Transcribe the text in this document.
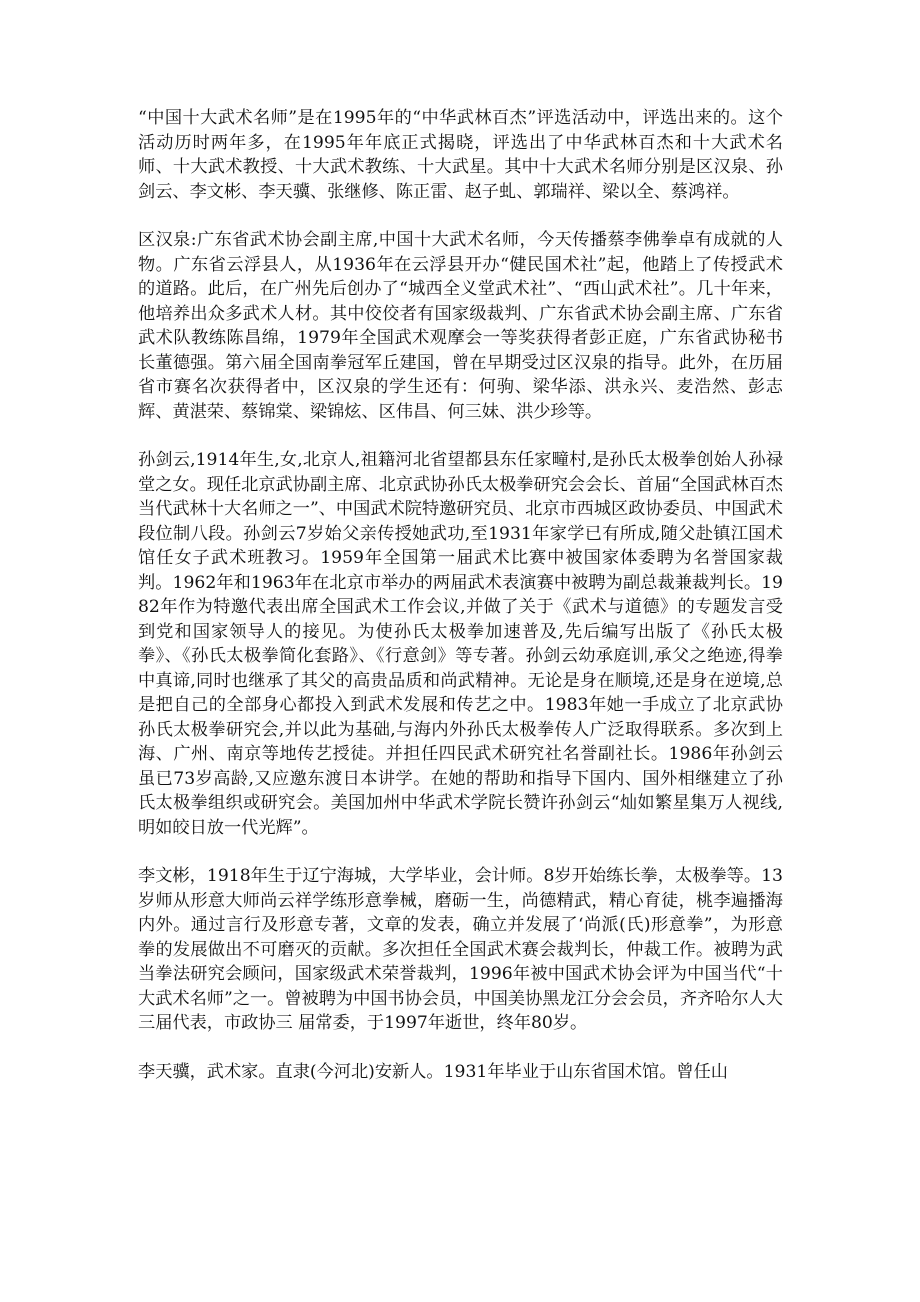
“中国十大武术名师”是在1995年的“中华武林百杰”评选活动中，评选出来的。这个活动历时两年多，在1995年年底正式揭晓，评选出了中华武林百杰和十大武术名师、十大武术教授、十大武术教练、十大武星。其中十大武术名师分别是区汉泉、孙剑云、李文彬、李天骥、张继修、陈正雷、赵子虬、郭瑞祥、梁以全、蔡鸿祥。

区汉泉:广东省武术协会副主席,中国十大武术名师，今天传播蔡李佛拳卓有成就的人物。广东省云浮县人，从1936年在云浮县开办“健民国术社”起，他踏上了传授武术的道路。此后，在广州先后创办了“城西全义堂武术社”、“西山武术社”。几十年来，他培养出众多武术人材。其中佼佼者有国家级裁判、广东省武术协会副主席、广东省武术队教练陈昌绵，1979年全国武术观摩会一等奖获得者彭正庭，广东省武协秘书长董德强。第六届全国南拳冠军丘建国，曾在早期受过区汉泉的指导。此外，在历届省市赛名次获得者中，区汉泉的学生还有：何驹、梁华添、洪永兴、麦浩然、彭志辉、黄湛荣、蔡锦棠、梁锦炫、区伟昌、何三妹、洪少珍等。

孙剑云,1914年生,女,北京人,祖籍河北省望都县东任家疃村,是孙氏太极拳创始人孙禄堂之女。现任北京武协副主席、北京武协孙氏太极拳研究会会长、首届“全国武林百杰当代武林十大名师之一”、中国武术院特邀研究员、北京市西城区政协委员、中国武术段位制八段。孙剑云7岁始父亲传授她武功,至1931年家学已有所成,随父赴镇江国术馆任女子武术班教习。1959年全国第一届武术比赛中被国家体委聘为名誉国家裁判。1962年和1963年在北京市举办的两届武术表演赛中被聘为副总裁兼裁判长。1982年作为特邀代表出席全国武术工作会议,并做了关于《武术与道德》的专题发言受到党和国家领导人的接见。为使孙氏太极拳加速普及,先后编写出版了《孙氏太极拳》、《孙氏太极拳简化套路》、《行意剑》等专著。孙剑云幼承庭训,承父之绝迹,得拳中真谛,同时也继承了其父的高贵品质和尚武精神。无论是身在顺境,还是身在逆境,总是把自己的全部身心都投入到武术发展和传艺之中。1983年她一手成立了北京武协孙氏太极拳研究会,并以此为基础,与海内外孙氏太极拳传人广泛取得联系。多次到上海、广州、南京等地传艺授徒。并担任四民武术研究社名誉副社长。1986年孙剑云虽已73岁高龄,又应邀东渡日本讲学。在她的帮助和指导下国内、国外相继建立了孙氏太极拳组织或研究会。美国加州中华武术学院长赞许孙剑云“灿如繁星集万人视线,明如皎日放一代光辉”。

李文彬，1918年生于辽宁海城，大学毕业，会计师。8岁开始练长拳，太极拳等。13岁师从形意大师尚云祥学练形意拳械，磨砺一生，尚德精武，精心育徒，桃李遍播海内外。通过言行及形意专著，文章的发表，确立并发展了‘尚派(氏)形意拳”，为形意拳的发展做出不可磨灭的贡献。多次担任全国武术赛会裁判长，仲裁工作。被聘为武当拳法研究会顾问，国家级武术荣誉裁判，1996年被中国武术协会评为中国当代“十大武术名师”之一。曾被聘为中国书协会员，中国美协黑龙江分会会员，齐齐哈尔人大三届代表，市政协三 届常委，于1997年逝世，终年80岁。

李天骥，武术家。直隶(今河北)安新人。1931年毕业于山东省国术馆。曾任山
